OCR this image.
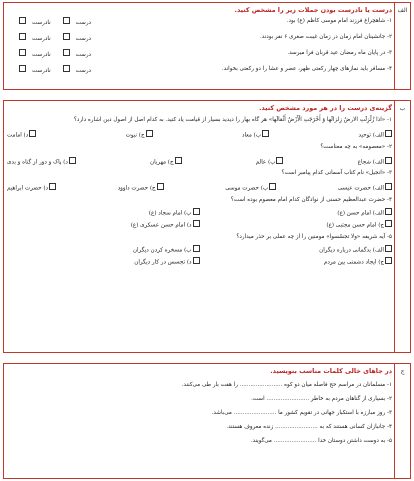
الف
درست یا نادرست بودن جملات زیر را مشخص کنید.
۱- شاهچراغ فرزند امام موسی کاظم (ع) بود.
درستنادرست
۲- جانشینان امام زمان در زمان غیبت صغری ۶ نفر بودند.
درستنادرست
۳- در پایان ماه رمضان عید قربان فرا میرسد.
درستنادرست
۴- مسافر باید نمازهای چهار رکعتی ظهر، عصر و عشا را دو رکعتی بخواند.
درستنادرست
ب
گزینه‌ی درست را در هر مورد مشخص کنید.
۱- «اذا زُلْزِلَتِ الارضُ زِلزالَها وَ أَخْرَجَتِ الْأَرْضُ أَثْقالَها» هر گاه بهار را دیدید بسیار از قیامت یاد کنید. به کدام اصل از اصول دین اشاره دارد؟
الف) توحید
ب) معاد
ج) نبوت
د) امامت
۲- «معصومه» به چه معناست؟
الف) شجاع
ب) عالم
ج) مهربان
د) پاک و دور از گناه و بدی
۳- «انجیل» نام کتاب آسمانی کدام پیامبر است؟
الف) حضرت عیسی
ب) حضرت موسی
ج) حضرت داوود
د) حضرت ابراهیم
۴- حضرت عبدالعظیم حسنی از نوادگان کدام امام معصوم بوده است؟
الف) امام حسن (ع)
ب) امام سجاد (ع)
ج) امام حسن مجتبی (ع)
د) امام حسن عسکری (ع)
۵- آیه شریفه «ولا تجسّسوا» مومنین را از چه عملی بر حذر میدارد؟
الف) بدگمانی درباره دیگران
ب) مسخره کردن دیگران
ج) ایجاد دشمنی بین مردم
د) تجسس در کار دیگران
ج
در جاهای خالی کلمات مناسب بنویسید.
۱- مسلمانان در مراسم حج فاصله میان دو کوه ........................ را هفت بار طی می‌کنند.
۲- بسیاری از گناهان مردم به خاطر ........................ است.
۳- روز مبارزه با استکبار جهانی در تقویم کشور ما ........................ می‌باشد.
۴- جانبازان کسانی هستند که به ........................ زنده معروف هستند.
۵- به دوست داشتن دوستان خدا ........................ می‌گویند.
